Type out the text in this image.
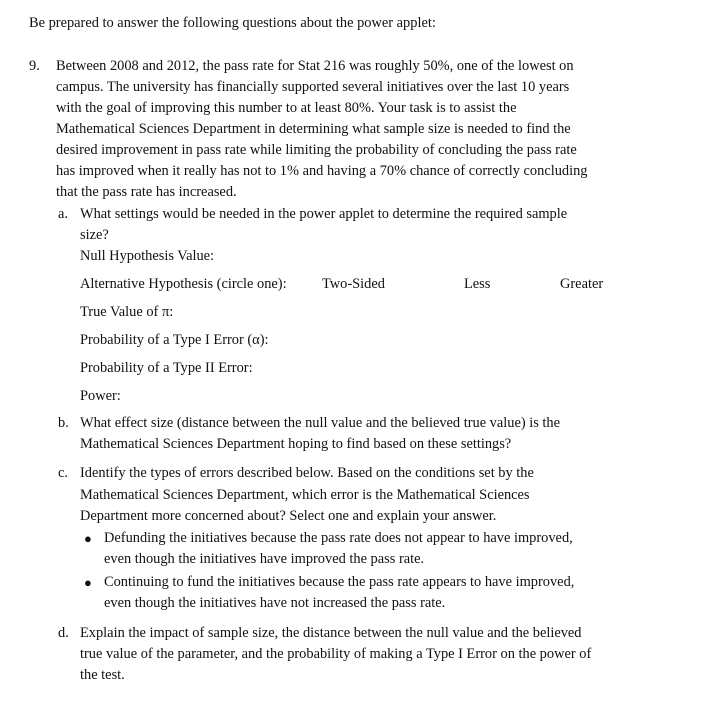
Be prepared to answer the following questions about the power applet:
9. Between 2008 and 2012, the pass rate for Stat 216 was roughly 50%, one of the lowest on
campus. The university has financially supported several initiatives over the last 10 years
with the goal of improving this number to at least 80%. Your task is to assist the
Mathematical Sciences Department in determining what sample size is needed to find the
desired improvement in pass rate while limiting the probability of concluding the pass rate
has improved when it really has not to 1% and having a 70% chance of correctly concluding
that the pass rate has increased.
a. What settings would be needed in the power applet to determine the required sample
size?
Null Hypothesis Value:
Alternative Hypothesis (circle one): Two-Sided	Less	Greater
True Value of π:
Probability of a Type I Error (α):
Probability of a Type II Error:
Power:
b. What effect size (distance between the null value and the believed true value) is the
Mathematical Sciences Department hoping to find based on these settings?
c. Identify the types of errors described below. Based on the conditions set by the
Mathematical Sciences Department, which error is the Mathematical Sciences
Department more concerned about? Select one and explain your answer.
● Defunding the initiatives because the pass rate does not appear to have improved,
even though the initiatives have improved the pass rate.
● Continuing to fund the initiatives because the pass rate appears to have improved,
even though the initiatives have not increased the pass rate.
d. Explain the impact of sample size, the distance between the null value and the believed
true value of the parameter, and the probability of making a Type I Error on the power of
the test.
